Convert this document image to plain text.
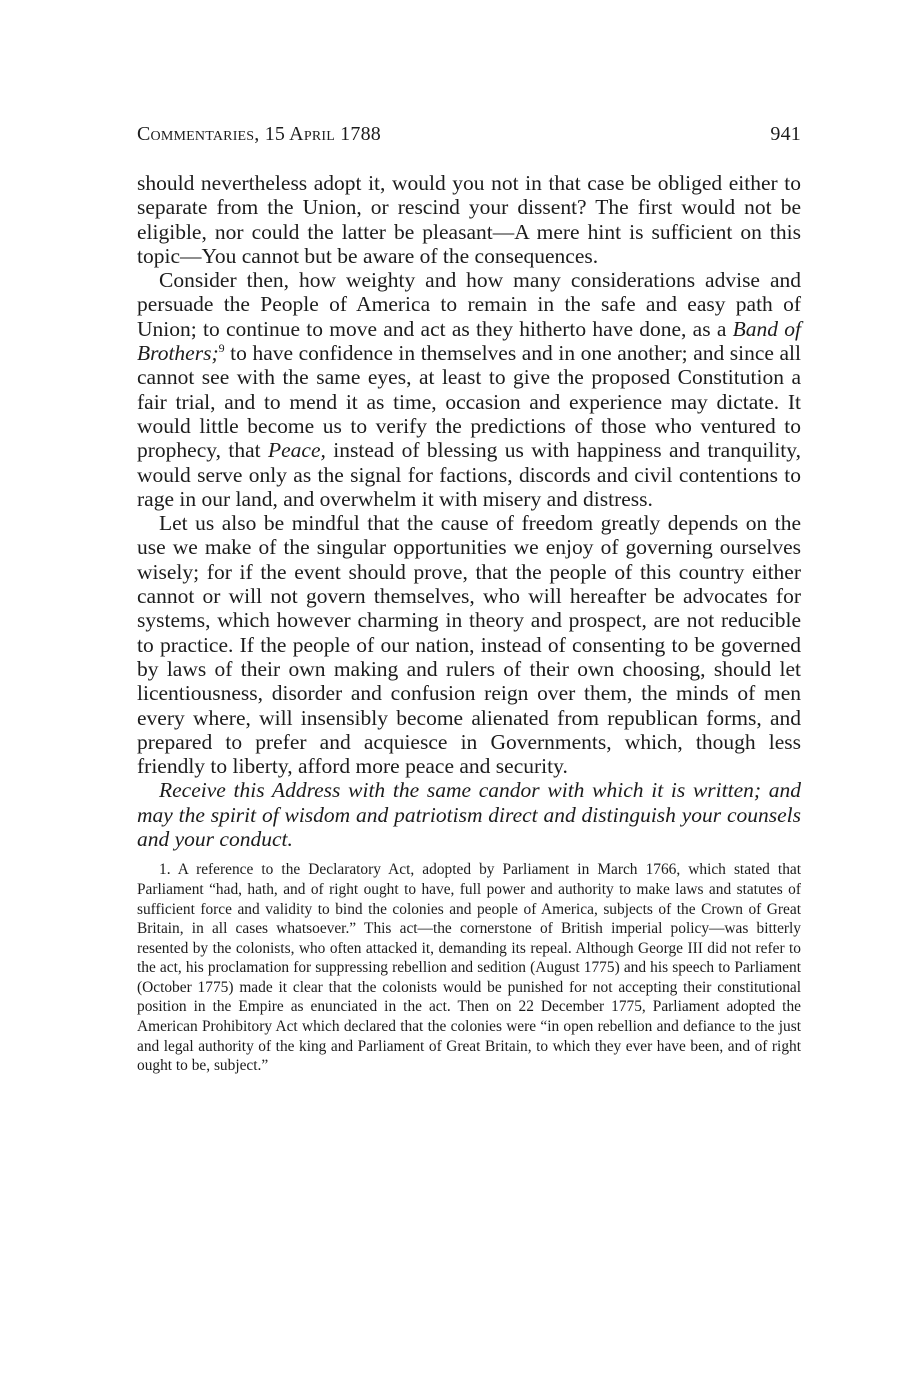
Commentaries, 15 April 1788	941

should nevertheless adopt it, would you not in that case be obliged either to separate from the Union, or rescind your dissent? The first would not be eligible, nor could the latter be pleasant—A mere hint is sufficient on this topic—You cannot but be aware of the consequences.

Consider then, how weighty and how many considerations advise and persuade the People of America to remain in the safe and easy path of Union; to continue to move and act as they hitherto have done, as a Band of Brothers;$^9$ to have confidence in themselves and in one another; and since all cannot see with the same eyes, at least to give the proposed Constitution a fair trial, and to mend it as time, occasion and experience may dictate. It would little become us to verify the predictions of those who ventured to prophecy, that Peace, instead of blessing us with happiness and tranquility, would serve only as the signal for factions, discords and civil contentions to rage in our land, and overwhelm it with misery and distress.

Let us also be mindful that the cause of freedom greatly depends on the use we make of the singular opportunities we enjoy of governing ourselves wisely; for if the event should prove, that the people of this country either cannot or will not govern themselves, who will hereafter be advocates for systems, which however charming in theory and prospect, are not reducible to practice. If the people of our nation, instead of consenting to be governed by laws of their own making and rulers of their own choosing, should let licentiousness, disorder and confusion reign over them, the minds of men every where, will insensibly become alienated from republican forms, and prepared to prefer and acquiesce in Governments, which, though less friendly to liberty, afford more peace and security.

Receive this Address with the same candor with which it is written; and may the spirit of wisdom and patriotism direct and distinguish your counsels and your conduct.

1. A reference to the Declaratory Act, adopted by Parliament in March 1766, which stated that Parliament “had, hath, and of right ought to have, full power and authority to make laws and statutes of sufficient force and validity to bind the colonies and people of America, subjects of the Crown of Great Britain, in all cases whatsoever.” This act—the cornerstone of British imperial policy—was bitterly resented by the colonists, who often attacked it, demanding its repeal. Although George III did not refer to the act, his proclamation for suppressing rebellion and sedition (August 1775) and his speech to Parliament (October 1775) made it clear that the colonists would be punished for not accepting their constitutional position in the Empire as enunciated in the act. Then on 22 December 1775, Parliament adopted the American Prohibitory Act which declared that the colonies were “in open rebellion and defiance to the just and legal authority of the king and Parliament of Great Britain, to which they ever have been, and of right ought to be, subject.”
